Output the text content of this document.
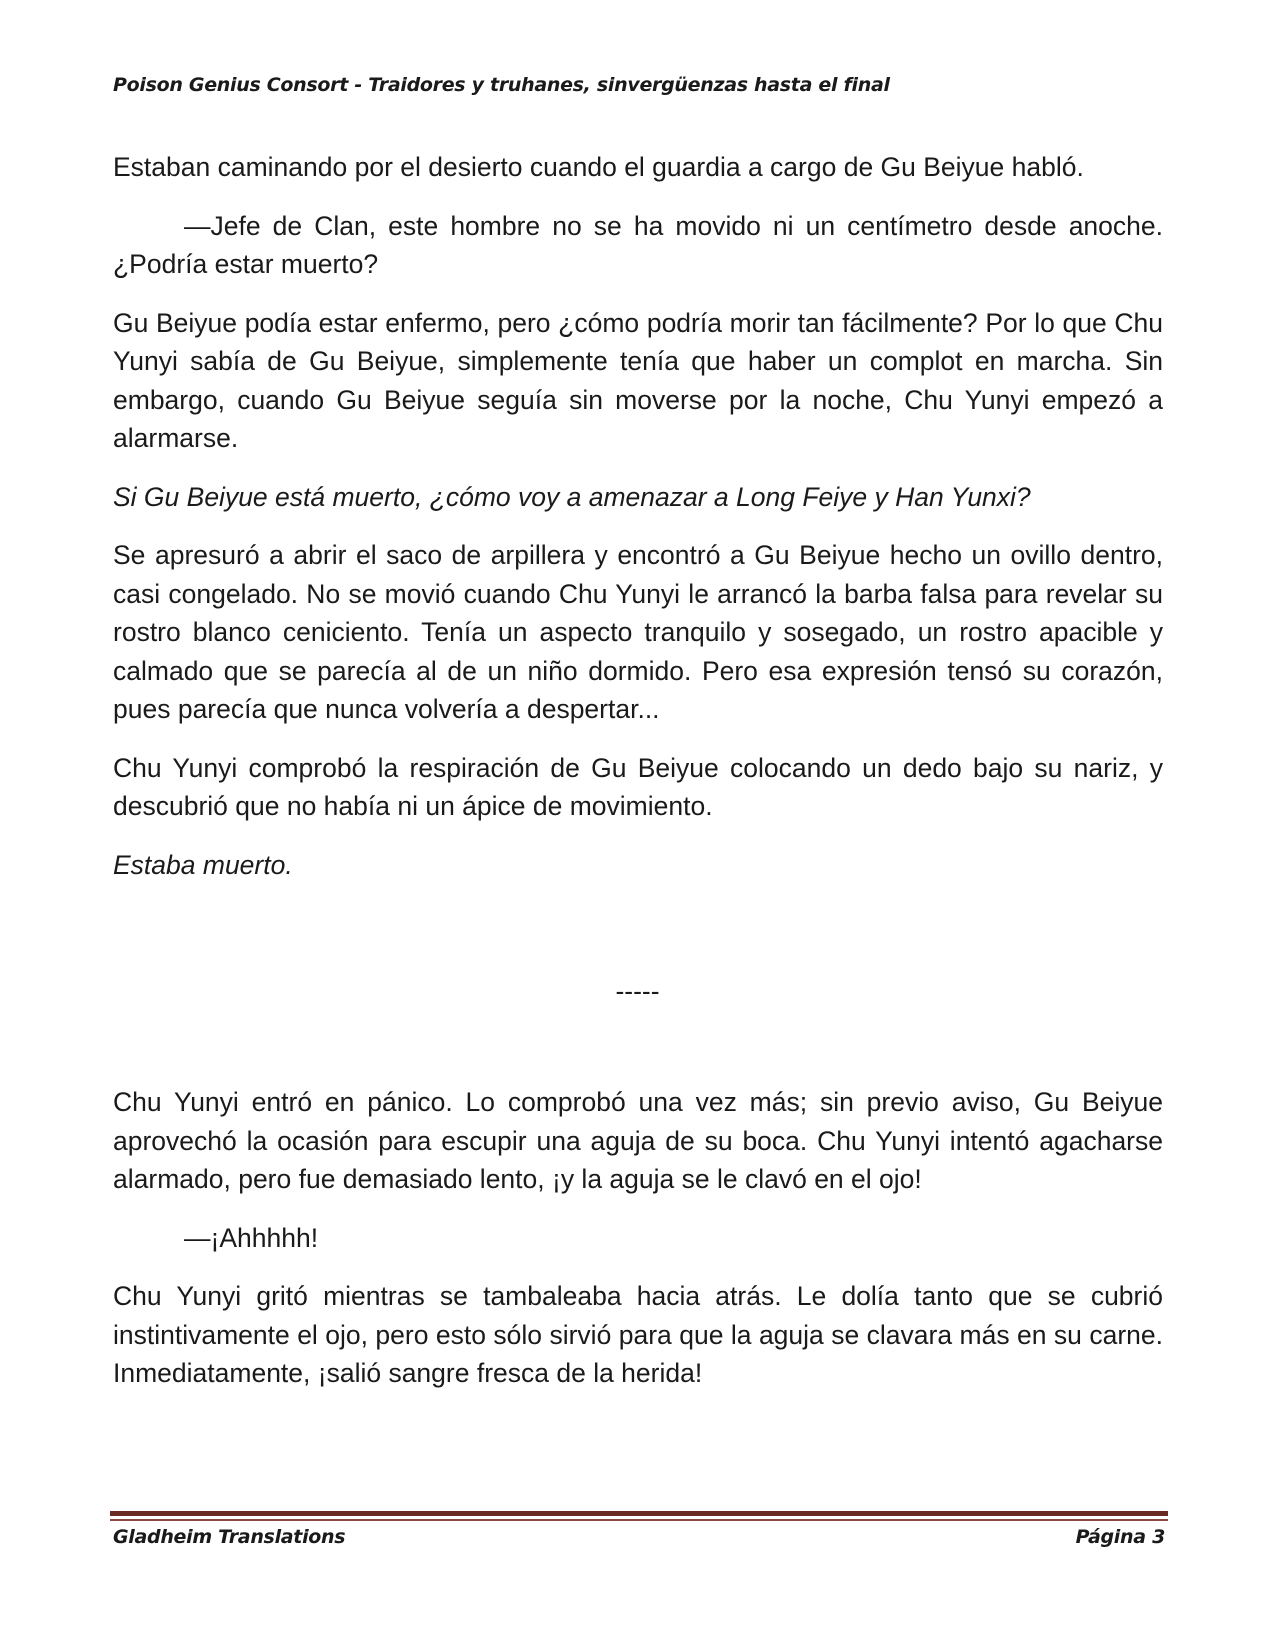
Poison Genius Consort - Traidores y truhanes, sinvergüenzas hasta el final

Estaban caminando por el desierto cuando el guardia a cargo de Gu Beiyue habló.

—Jefe de Clan, este hombre no se ha movido ni un centímetro desde anoche. ¿Podría estar muerto?

Gu Beiyue podía estar enfermo, pero ¿cómo podría morir tan fácilmente? Por lo que Chu Yunyi sabía de Gu Beiyue, simplemente tenía que haber un complot en marcha. Sin embargo, cuando Gu Beiyue seguía sin moverse por la noche, Chu Yunyi empezó a alarmarse.

Si Gu Beiyue está muerto, ¿cómo voy a amenazar a Long Feiye y Han Yunxi?

Se apresuró a abrir el saco de arpillera y encontró a Gu Beiyue hecho un ovillo dentro, casi congelado. No se movió cuando Chu Yunyi le arrancó la barba falsa para revelar su rostro blanco ceniciento. Tenía un aspecto tranquilo y sosegado, un rostro apacible y calmado que se parecía al de un niño dormido. Pero esa expresión tensó su corazón, pues parecía que nunca volvería a despertar...

Chu Yunyi comprobó la respiración de Gu Beiyue colocando un dedo bajo su nariz, y descubrió que no había ni un ápice de movimiento.

Estaba muerto.

-----

Chu Yunyi entró en pánico. Lo comprobó una vez más; sin previo aviso, Gu Beiyue aprovechó la ocasión para escupir una aguja de su boca. Chu Yunyi intentó agacharse alarmado, pero fue demasiado lento, ¡y la aguja se le clavó en el ojo!

—¡Ahhhhh!

Chu Yunyi gritó mientras se tambaleaba hacia atrás. Le dolía tanto que se cubrió instintivamente el ojo, pero esto sólo sirvió para que la aguja se clavara más en su carne. Inmediatamente, ¡salió sangre fresca de la herida!

Gladheim Translations	Página 3
